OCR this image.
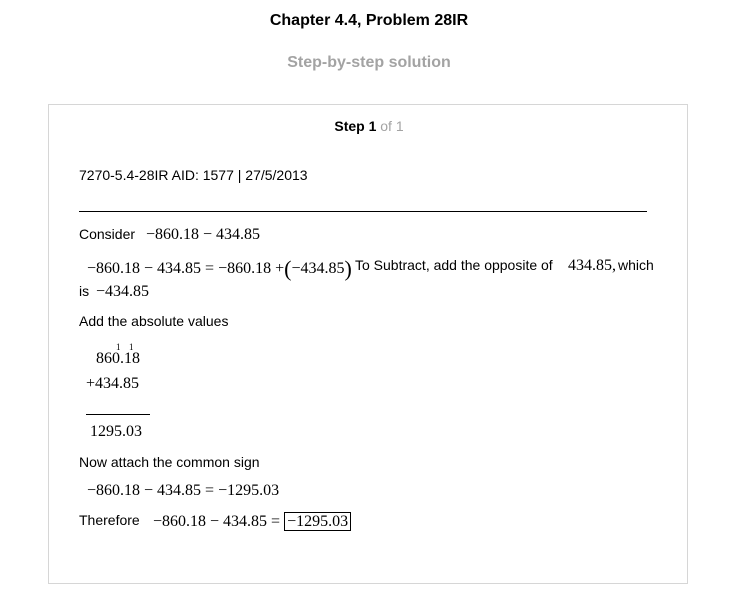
Chapter 4.4, Problem 28IR
Step-by-step solution
Step 1 of 1
7270-5.4-28IR AID: 1577 | 27/5/2013
Consider −860.18 − 434.85
−860.18 − 434.85 = −860.18 +(−434.85) To Subtract, add the opposite of 434.85, which
is −434.85
Add the absolute values
1 1
860.18
+434.85
1295.03
Now attach the common sign
−860.18 − 434.85 = −1295.03
Therefore −860.18 − 434.85 = −1295.03
